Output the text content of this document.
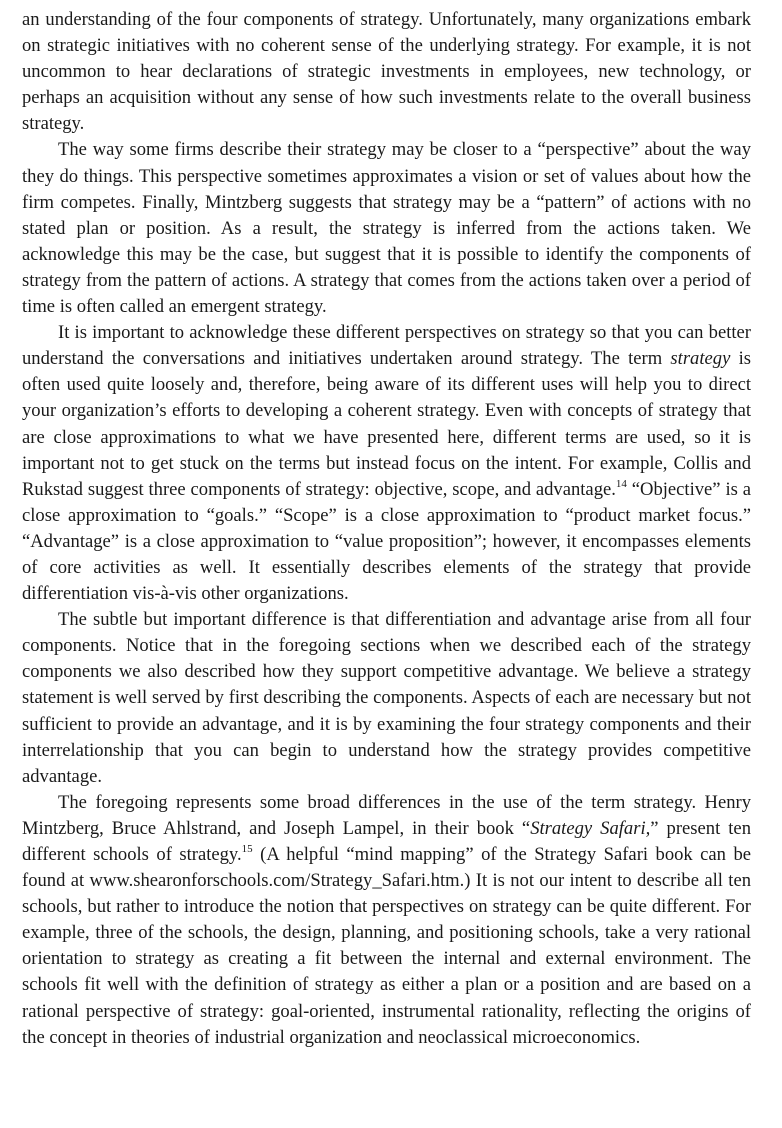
an understanding of the four components of strategy. Unfortunately, many organizations embark on strategic initiatives with no coherent sense of the underlying strategy. For example, it is not uncommon to hear declarations of strategic investments in employees, new technology, or perhaps an acquisition without any sense of how such investments relate to the overall business strategy.

The way some firms describe their strategy may be closer to a “perspective” about the way they do things. This perspective sometimes approximates a vision or set of values about how the firm competes. Finally, Mintzberg suggests that strategy may be a “pattern” of actions with no stated plan or position. As a result, the strategy is inferred from the actions taken. We acknowledge this may be the case, but suggest that it is possible to identify the components of strategy from the pattern of actions. A strategy that comes from the actions taken over a period of time is often called an emergent strategy.

It is important to acknowledge these different perspectives on strategy so that you can better understand the conversations and initiatives undertaken around strategy. The term strategy is often used quite loosely and, therefore, being aware of its different uses will help you to direct your organization’s efforts to developing a coherent strategy. Even with concepts of strategy that are close approximations to what we have presented here, different terms are used, so it is important not to get stuck on the terms but instead focus on the intent. For example, Collis and Rukstad suggest three components of strategy: objective, scope, and advantage.$^{14}$ “Objective” is a close approximation to “goals.” “Scope” is a close approximation to “product market focus.” “Advantage” is a close approximation to “value proposition”; however, it encompasses elements of core activities as well. It essentially describes elements of the strategy that provide differentiation vis-à-vis other organizations.

The subtle but important difference is that differentiation and advantage arise from all four components. Notice that in the foregoing sections when we described each of the strategy components we also described how they support competitive advantage. We believe a strategy statement is well served by first describing the components. Aspects of each are necessary but not sufficient to provide an advantage, and it is by examining the four strategy components and their interrelationship that you can begin to understand how the strategy provides competitive advantage.

The foregoing represents some broad differences in the use of the term strategy. Henry Mintzberg, Bruce Ahlstrand, and Joseph Lampel, in their book “Strategy Safari,” present ten different schools of strategy.$^{15}$ (A helpful “mind mapping” of the Strategy Safari book can be found at www.shearonforschools.com/Strategy_Safari.htm.) It is not our intent to describe all ten schools, but rather to introduce the notion that perspectives on strategy can be quite different. For example, three of the schools, the design, planning, and positioning schools, take a very rational orientation to strategy as creating a fit between the internal and external environment. The schools fit well with the definition of strategy as either a plan or a position and are based on a rational perspective of strategy: goal-oriented, instrumental rationality, reflecting the origins of the concept in theories of industrial organization and neoclassical microeconomics.
